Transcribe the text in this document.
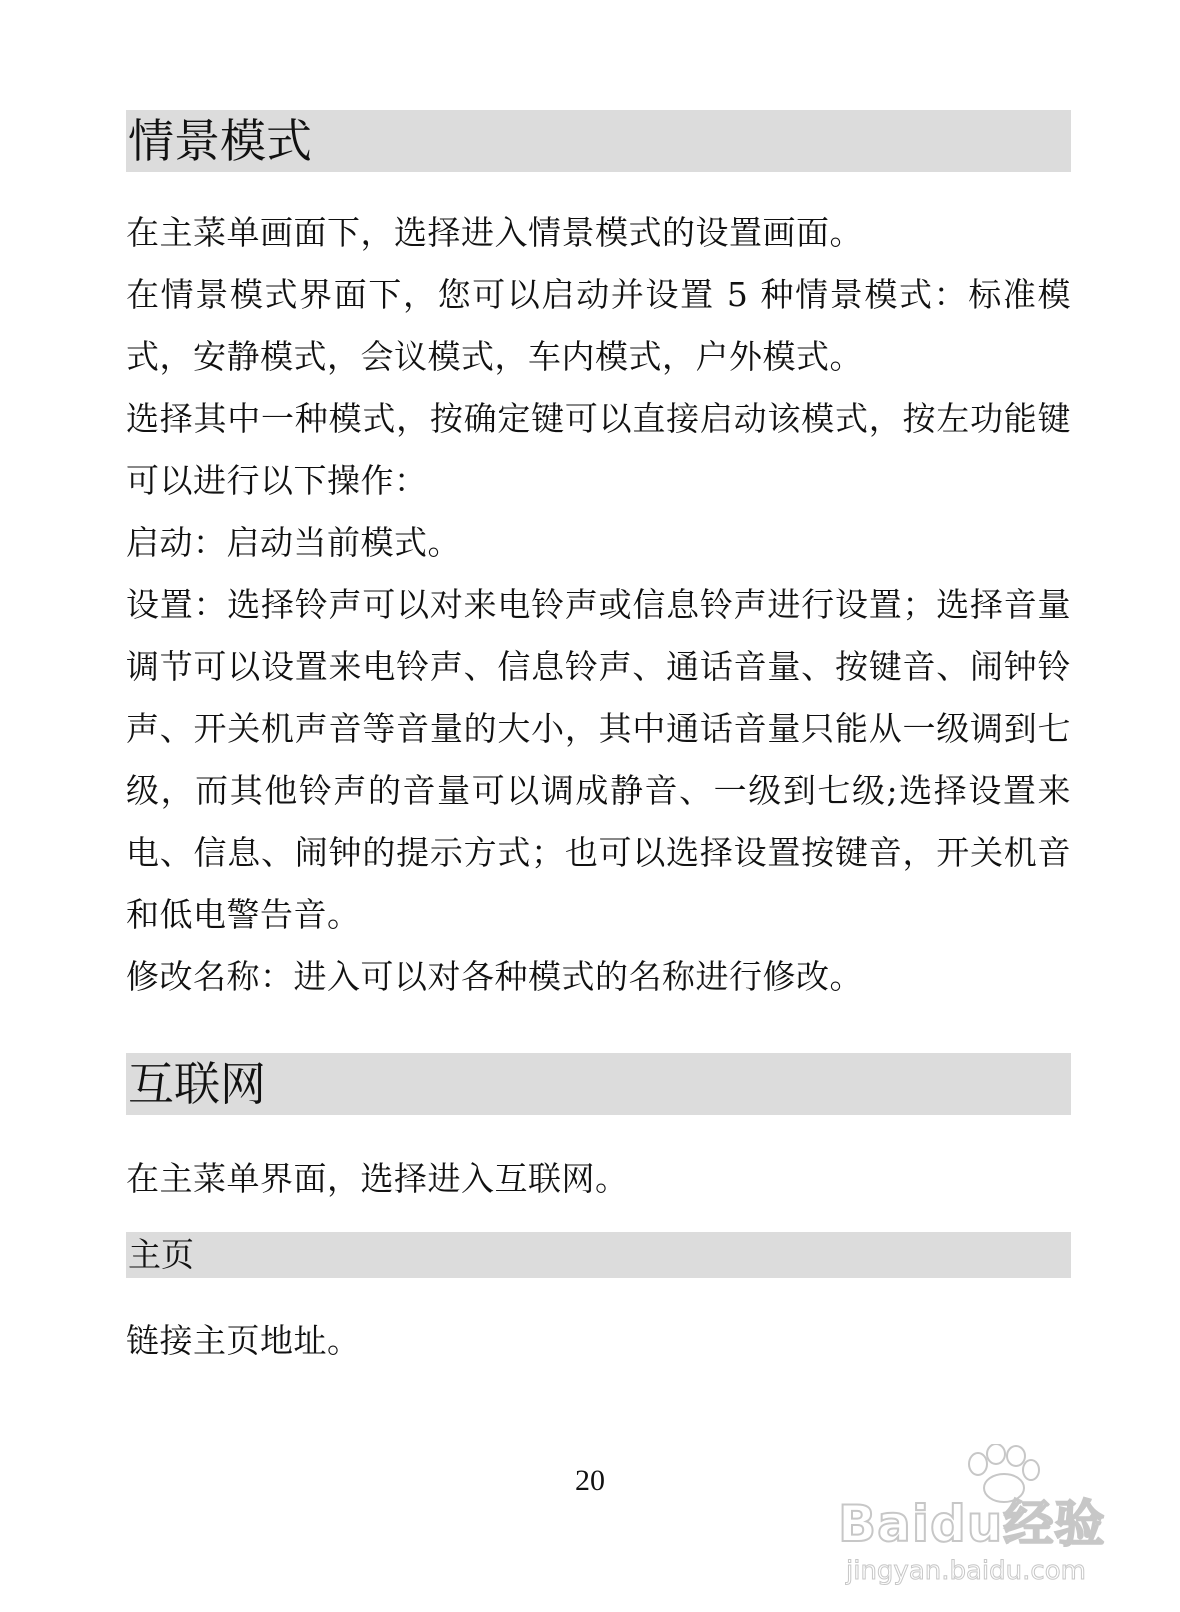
情景模式

在主菜单画面下，选择进入情景模式的设置画面。

在情景模式界面下，您可以启动并设置 5 种情景模式：标准模式，安静模式，会议模式，车内模式，户外模式。

选择其中一种模式，按确定键可以直接启动该模式，按左功能键可以进行以下操作：

启动：启动当前模式。

设置：选择铃声可以对来电铃声或信息铃声进行设置；选择音量调节可以设置来电铃声、信息铃声、通话音量、按键音、闹钟铃声、开关机声音等音量的大小，其中通话音量只能从一级调到七级，而其他铃声的音量可以调成静音、一级到七级;选择设置来电、信息、闹钟的提示方式；也可以选择设置按键音，开关机音和低电警告音。

修改名称：进入可以对各种模式的名称进行修改。

互联网

在主菜单界面，选择进入互联网。

主页

链接主页地址。

20
Baidu经验
jingyan.baidu.com
